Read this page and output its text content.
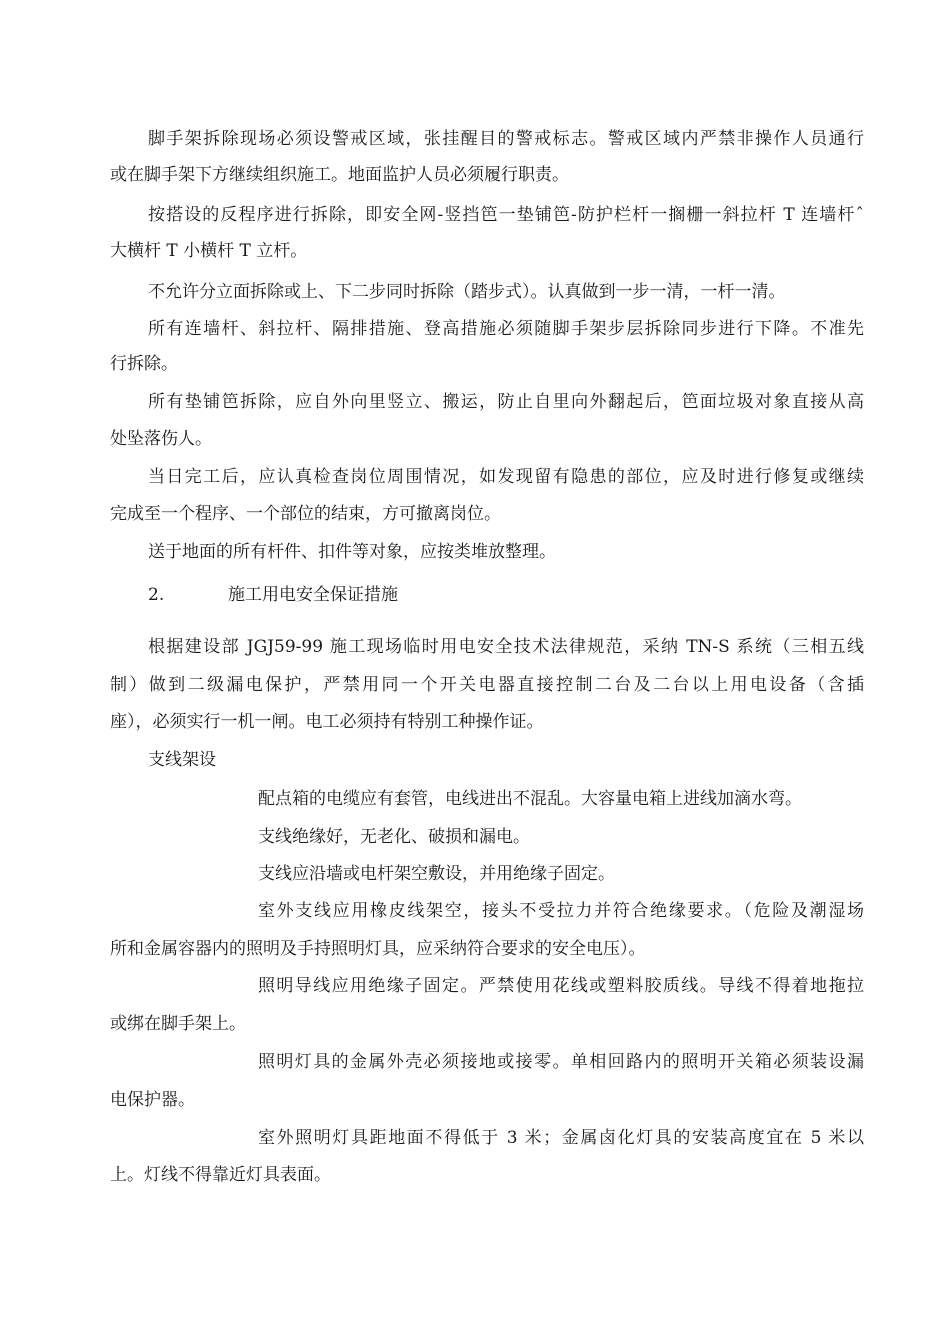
脚手架拆除现场必须设警戒区域，张挂醒目的警戒标志。警戒区域内严禁非操作人员通行
或在脚手架下方继续组织施工。地面监护人员必须履行职责。
按搭设的反程序进行拆除，即安全网-竖挡笆一垫铺笆-防护栏杆一搁栅一斜拉杆 T 连墙杆ˆ
大横杆 T 小横杆 T 立杆。
不允许分立面拆除或上、下二步同时拆除（踏步式）。认真做到一步一清，一杆一清。
所有连墙杆、斜拉杆、隔排措施、登高措施必须随脚手架步层拆除同步进行下降。不准先
行拆除。
所有垫铺笆拆除，应自外向里竖立、搬运，防止自里向外翻起后，笆面垃圾对象直接从高
处坠落伤人。
当日完工后，应认真检查岗位周围情况，如发现留有隐患的部位，应及时进行修复或继续
完成至一个程序、一个部位的结束，方可撤离岗位。
送于地面的所有杆件、扣件等对象，应按类堆放整理。
2.	施工用电安全保证措施
根据建设部 JGJ59-99 施工现场临时用电安全技术法律规范，采纳 TN-S 系统（三相五线
制）做到二级漏电保护，严禁用同一个开关电器直接控制二台及二台以上用电设备（含插
座），必须实行一机一闸。电工必须持有特别工种操作证。
支线架设
配点箱的电缆应有套管，电线进出不混乱。大容量电箱上进线加滴水弯。
支线绝缘好，无老化、破损和漏电。
支线应沿墙或电杆架空敷设，并用绝缘子固定。
室外支线应用橡皮线架空，接头不受拉力并符合绝缘要求。（危险及潮湿场
所和金属容器内的照明及手持照明灯具，应采纳符合要求的安全电压）。
照明导线应用绝缘子固定。严禁使用花线或塑料胶质线。导线不得着地拖拉
或绑在脚手架上。
照明灯具的金属外壳必须接地或接零。单相回路内的照明开关箱必须装设漏
电保护器。
室外照明灯具距地面不得低于 3 米；金属卤化灯具的安装高度宜在 5 米以
上。灯线不得靠近灯具表面。
